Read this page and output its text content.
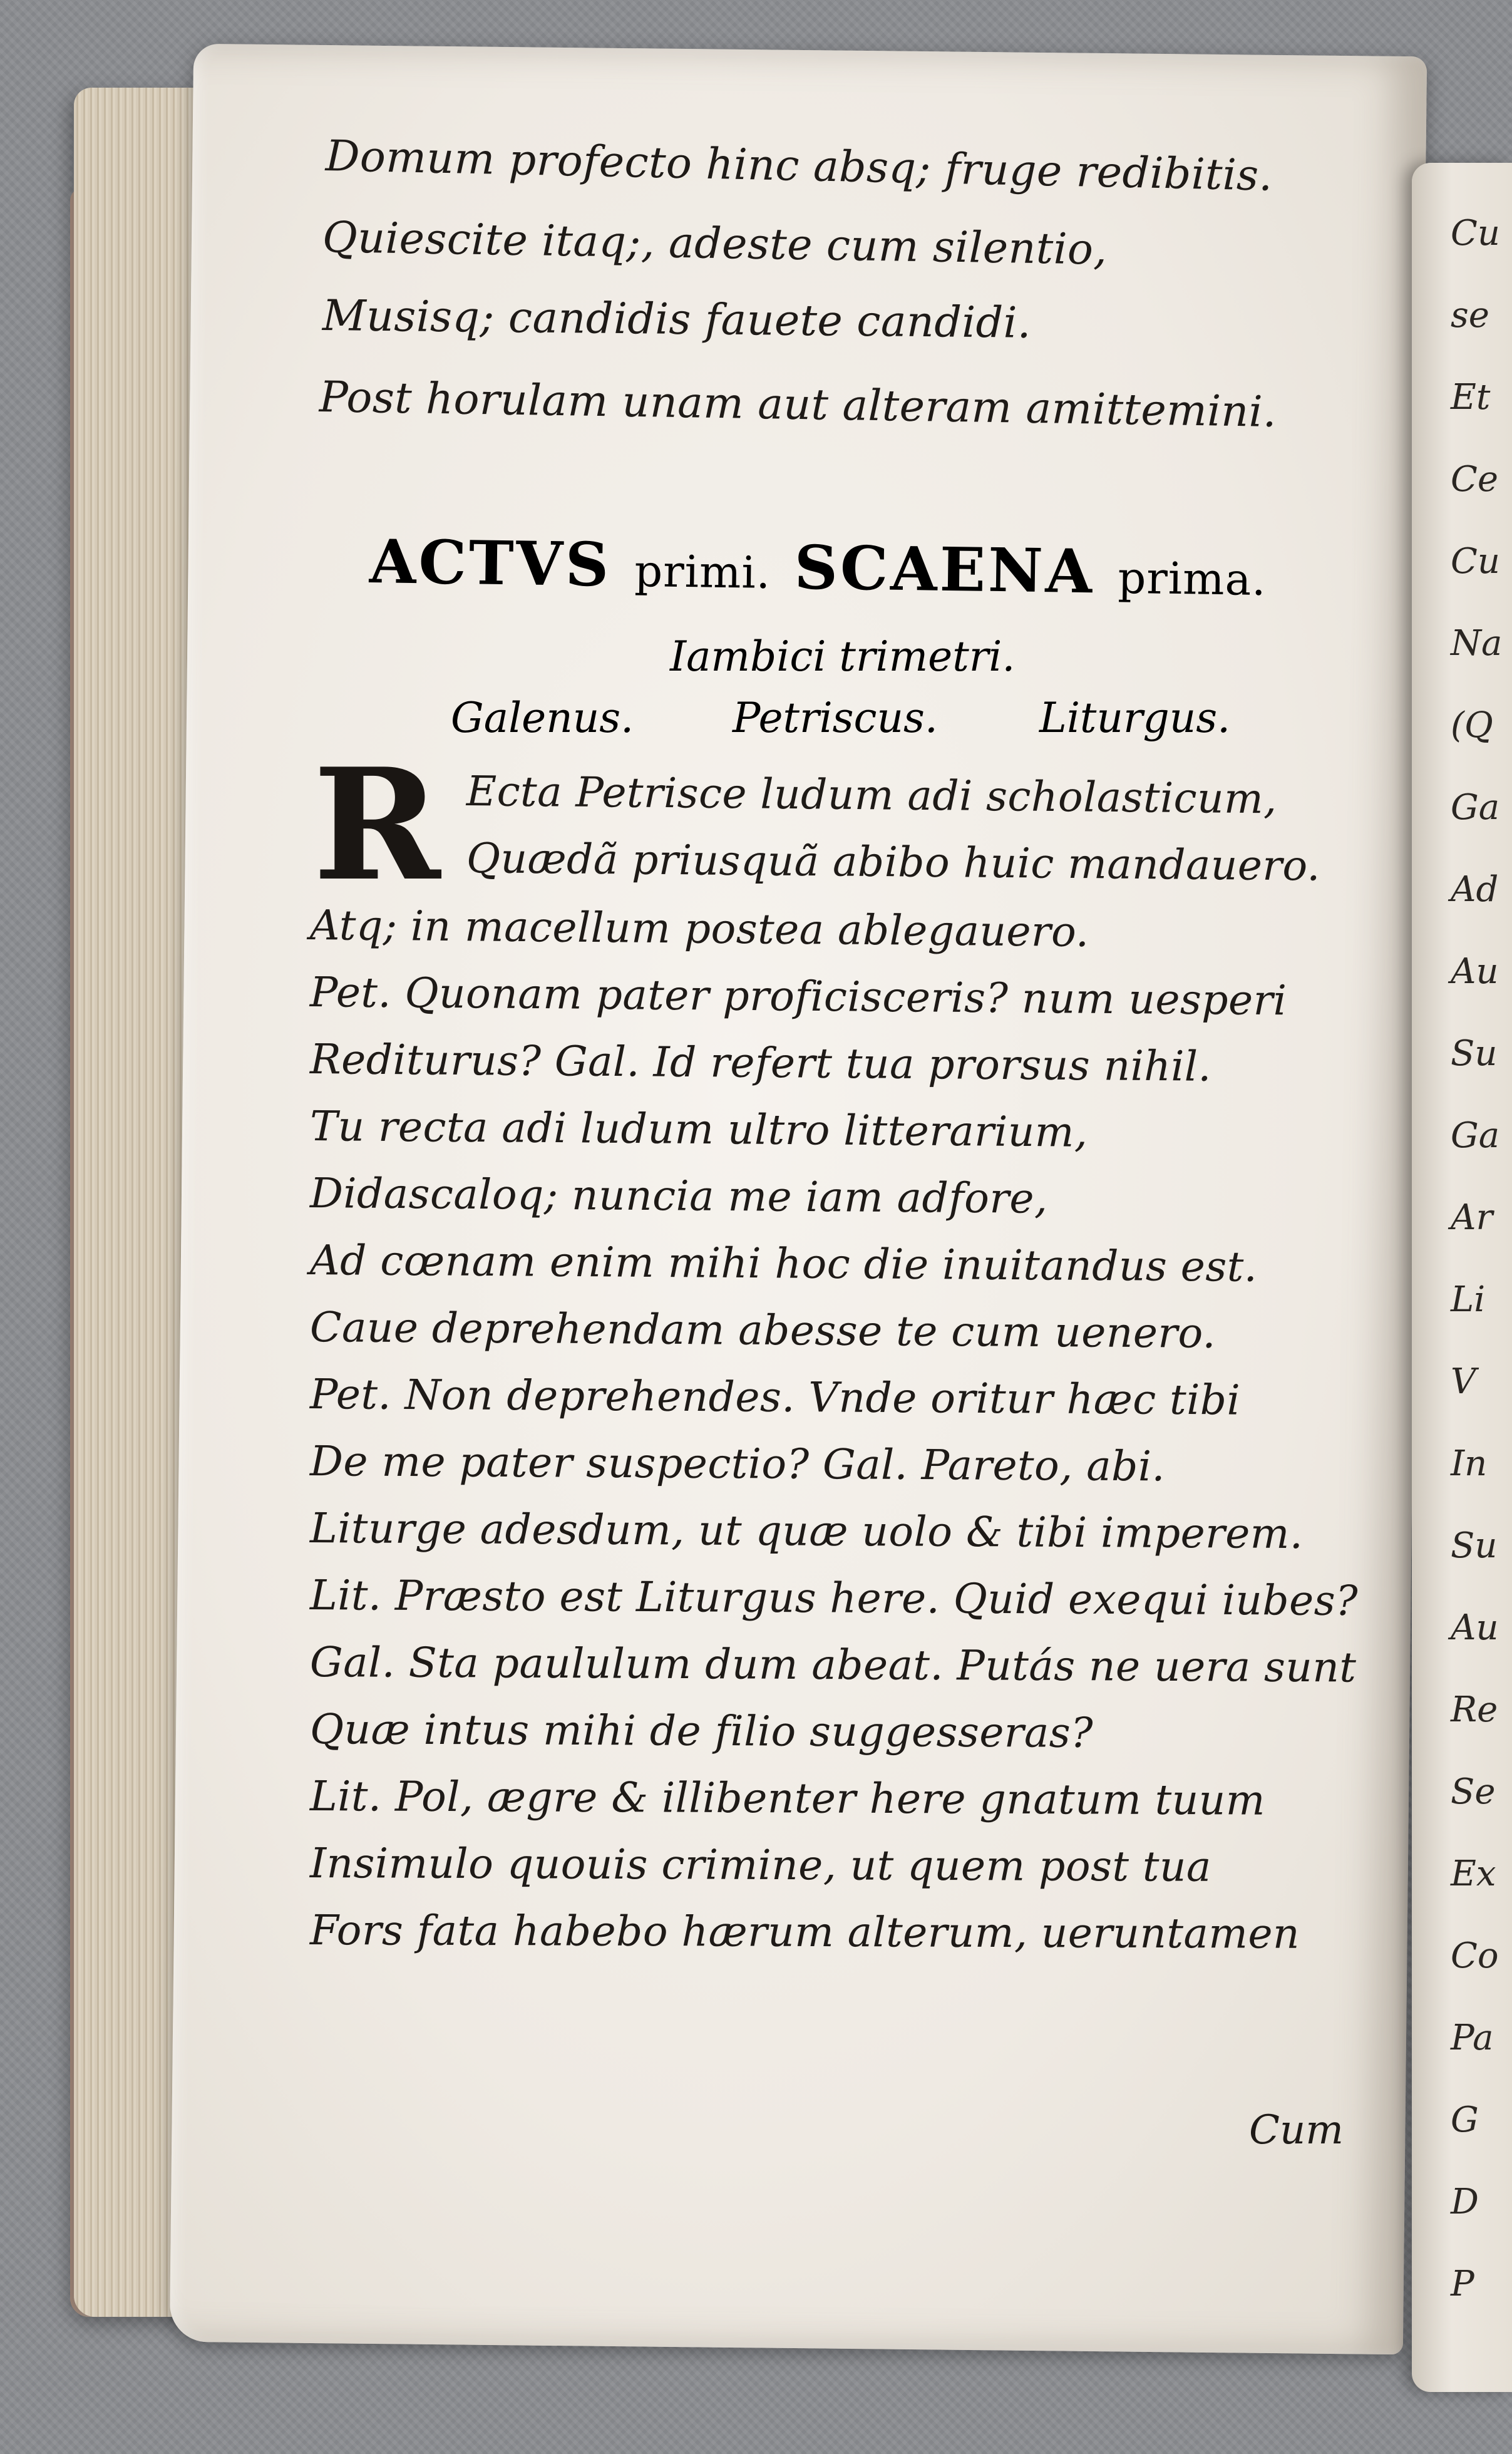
Cu
se
Et
Ce
Cu
Na
(Q
Ga
Ad
Au
Su
Ga
Ar
Li
V
In
Su
Au
Re
Se
Ex
Co
Pa
G
D
P
Domum profecto hinc absq; fruge redibitis.
Quiescite itaq;, adeste cum silentio,
Musisq; candidis fauete candidi.
Post horulam unam aut alteram amittemini.
ACTVS primi. SCAENA prima.
Iambici trimetri.
Galenus. Petriscus. Liturgus.
R Ecta Petrisce ludum adi scholasticum,
Quædã priusquã abibo huic mandauero.
Atq; in macellum postea ablegauero.
Pet. Quonam pater proficisceris? num uesperi
Rediturus? Gal. Id refert tua prorsus nihil.
Tu recta adi ludum ultro litterarium,
Didascaloq; nuncia me iam adfore,
Ad cœnam enim mihi hoc die inuitandus est.
Caue deprehendam abesse te cum uenero.
Pet. Non deprehendes. Vnde oritur hæc tibi
De me pater suspectio? Gal. Pareto, abi.
Liturge adesdum, ut quæ uolo & tibi imperem.
Lit. Præsto est Liturgus here. Quid exequi iubes?
Gal. Sta paululum dum abeat. Putás ne uera sunt
Quæ intus mihi de filio suggesseras?
Lit. Pol, ægre & illibenter here gnatum tuum
Insimulo quouis crimine, ut quem post tua
Fors fata habebo hærum alterum, ueruntamen
Cum
